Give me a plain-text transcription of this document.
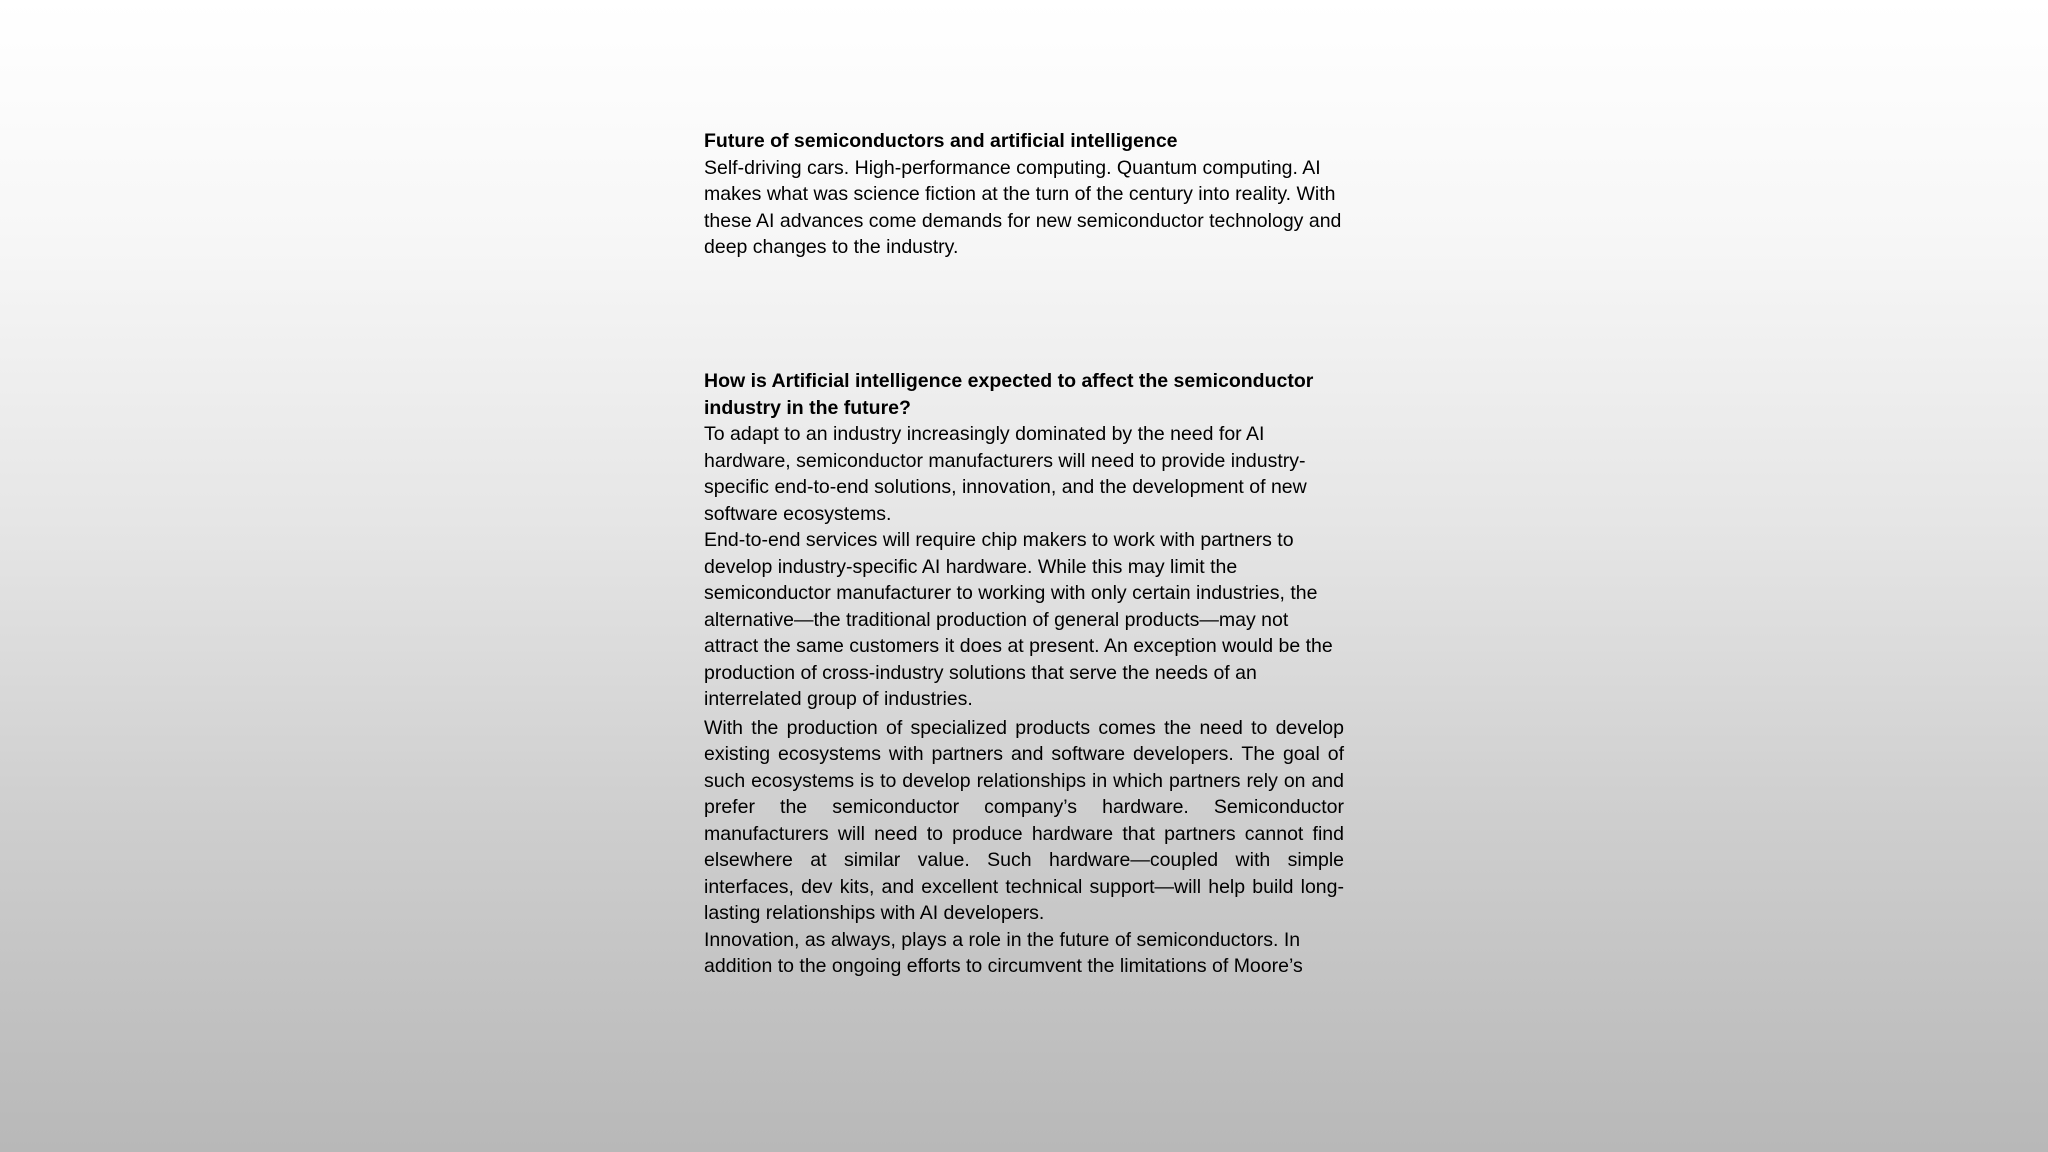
Future of semiconductors and artificial intelligence

Self-driving cars. High-performance computing. Quantum computing. AI makes what was science fiction at the turn of the century into reality. With these AI advances come demands for new semiconductor technology and deep changes to the industry.

How is Artificial intelligence expected to affect the semiconductor industry in the future?

To adapt to an industry increasingly dominated by the need for AI hardware, semiconductor manufacturers will need to provide industry-specific end-to-end solutions, innovation, and the development of new software ecosystems.

End-to-end services will require chip makers to work with partners to develop industry-specific AI hardware. While this may limit the semiconductor manufacturer to working with only certain industries, the alternative—the traditional production of general products—may not attract the same customers it does at present. An exception would be the production of cross-industry solutions that serve the needs of an interrelated group of industries.

With the production of specialized products comes the need to develop existing ecosystems with partners and software developers. The goal of such ecosystems is to develop relationships in which partners rely on and prefer the semiconductor company’s hardware. Semiconductor manufacturers will need to produce hardware that partners cannot find elsewhere at similar value. Such hardware—coupled with simple interfaces, dev kits, and excellent technical support—will help build long-lasting relationships with AI developers.

Innovation, as always, plays a role in the future of semiconductors. In addition to the ongoing efforts to circumvent the limitations of Moore’s
